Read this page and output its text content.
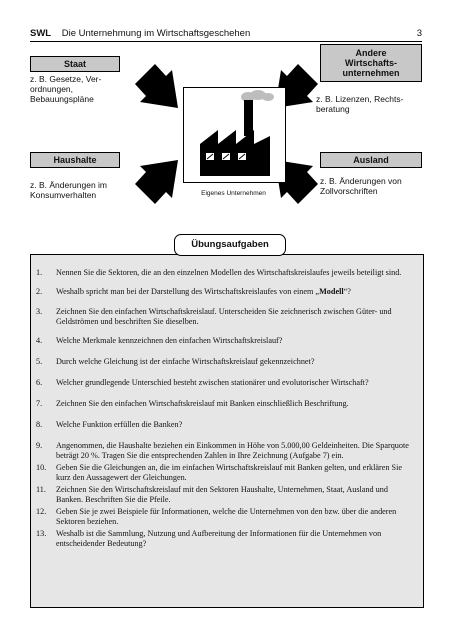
SWL Die Unternehmung im Wirtschaftsgeschehen	3
Staat
z. B. Gesetze, Ver-
ordnungen,
Bebauungspläne
Andere
Wirtschafts-
unternehmen
z. B. Lizenzen, Rechts-
beratung
Eigenes Unternehmen
Haushalte
z. B. Änderungen im
Konsumverhalten
Ausland
z. B. Änderungen von
Zollvorschriften
Übungsaufgaben
1.	Nennen Sie die Sektoren, die an den einzelnen Modellen des Wirtschaftskreislaufes jeweils beteiligt sind.
2.	Weshalb spricht man bei der Darstellung des Wirtschaftskreislaufes von einem „Modell“?
3.	Zeichnen Sie den einfachen Wirtschaftskreislauf. Unterscheiden Sie zeichnerisch zwischen Güter- und Geldströmen und beschriften Sie dieselben.
4.	Welche Merkmale kennzeichnen den einfachen Wirtschaftskreislauf?
5.	Durch welche Gleichung ist der einfache Wirtschaftskreislauf gekennzeichnet?
6.	Welcher grundlegende Unterschied besteht zwischen stationärer und evolutorischer Wirtschaft?
7.	Zeichnen Sie den einfachen Wirtschaftskreislauf mit Banken einschließlich Beschriftung.
8.	Welche Funktion erfüllen die Banken?
9.	Angenommen, die Haushalte beziehen ein Einkommen in Höhe von 5.000,00 Geldeinheiten. Die Sparquote beträgt 20 %. Tragen Sie die entsprechenden Zahlen in Ihre Zeichnung (Aufgabe 7) ein.
10.	Geben Sie die Gleichungen an, die im einfachen Wirtschaftskreislauf mit Banken gelten, und erklären Sie kurz den Aussagewert der Gleichungen.
11.	Zeichnen Sie den Wirtschaftskreislauf mit den Sektoren Haushalte, Unternehmen, Staat, Ausland und Banken. Beschriften Sie die Pfeile.
12.	Geben Sie je zwei Beispiele für Informationen, welche die Unternehmen von den bzw. über die anderen Sektoren beziehen.
13.	Weshalb ist die Sammlung, Nutzung und Aufbereitung der Informationen für die Unternehmen von entscheidender Bedeutung?
